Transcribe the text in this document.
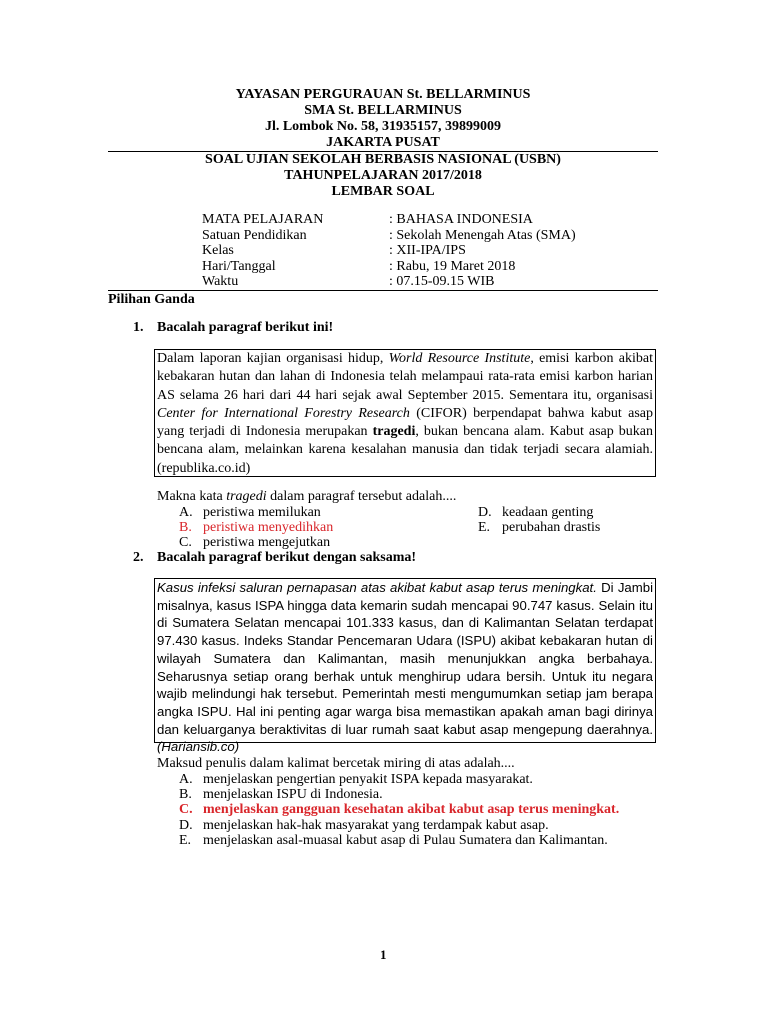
YAYASAN PERGURAUAN St. BELLARMINUS
SMA St. BELLARMINUS
Jl. Lombok No. 58, 31935157, 39899009
JAKARTA PUSAT
SOAL UJIAN SEKOLAH BERBASIS NASIONAL (USBN)
TAHUNPELAJARAN 2017/2018
LEMBAR SOAL
MATA PELAJARAN	: BAHASA INDONESIA
Satuan Pendidikan	: Sekolah Menengah Atas (SMA)
Kelas	: XII-IPA/IPS
Hari/Tanggal	: Rabu, 19 Maret 2018
Waktu	: 07.15-09.15 WIB
Pilihan Ganda
1. Bacalah paragraf berikut ini!

Dalam laporan kajian organisasi hidup, World Resource Institute, emisi karbon akibat kebakaran hutan dan lahan di Indonesia telah melampaui rata-rata emisi karbon harian AS selama 26 hari dari 44 hari sejak awal September 2015. Sementara itu, organisasi Center for International Forestry Research (CIFOR) berpendapat bahwa kabut asap yang terjadi di Indonesia merupakan tragedi, bukan bencana alam. Kabut asap bukan bencana alam, melainkan karena kesalahan manusia dan tidak terjadi secara alamiah. (republika.co.id)

Makna kata tragedi dalam paragraf tersebut adalah....
A. peristiwa memilukan
B. peristiwa menyedihkan
C. peristiwa mengejutkan
D. keadaan genting
E. perubahan drastis
2. Bacalah paragraf berikut dengan saksama!

Kasus infeksi saluran pernapasan atas akibat kabut asap terus meningkat. Di Jambi misalnya, kasus ISPA hingga data kemarin sudah mencapai 90.747 kasus. Selain itu di Sumatera Selatan mencapai 101.333 kasus, dan di Kalimantan Selatan terdapat 97.430 kasus. Indeks Standar Pencemaran Udara (ISPU) akibat kebakaran hutan di wilayah Sumatera dan Kalimantan, masih menunjukkan angka berbahaya. Seharusnya setiap orang berhak untuk menghirup udara bersih. Untuk itu negara wajib melindungi hak tersebut. Pemerintah mesti mengumumkan setiap jam berapa angka ISPU. Hal ini penting agar warga bisa memastikan apakah aman bagi dirinya dan keluarganya beraktivitas di luar rumah saat kabut asap mengepung daerahnya. (Hariansib.co)

Maksud penulis dalam kalimat bercetak miring di atas adalah....
A. menjelaskan pengertian penyakit ISPA kepada masyarakat.
B. menjelaskan ISPU di Indonesia.
C. menjelaskan gangguan kesehatan akibat kabut asap terus meningkat.
D. menjelaskan hak-hak masyarakat yang terdampak kabut asap.
E. menjelaskan asal-muasal kabut asap di Pulau Sumatera dan Kalimantan.
1
